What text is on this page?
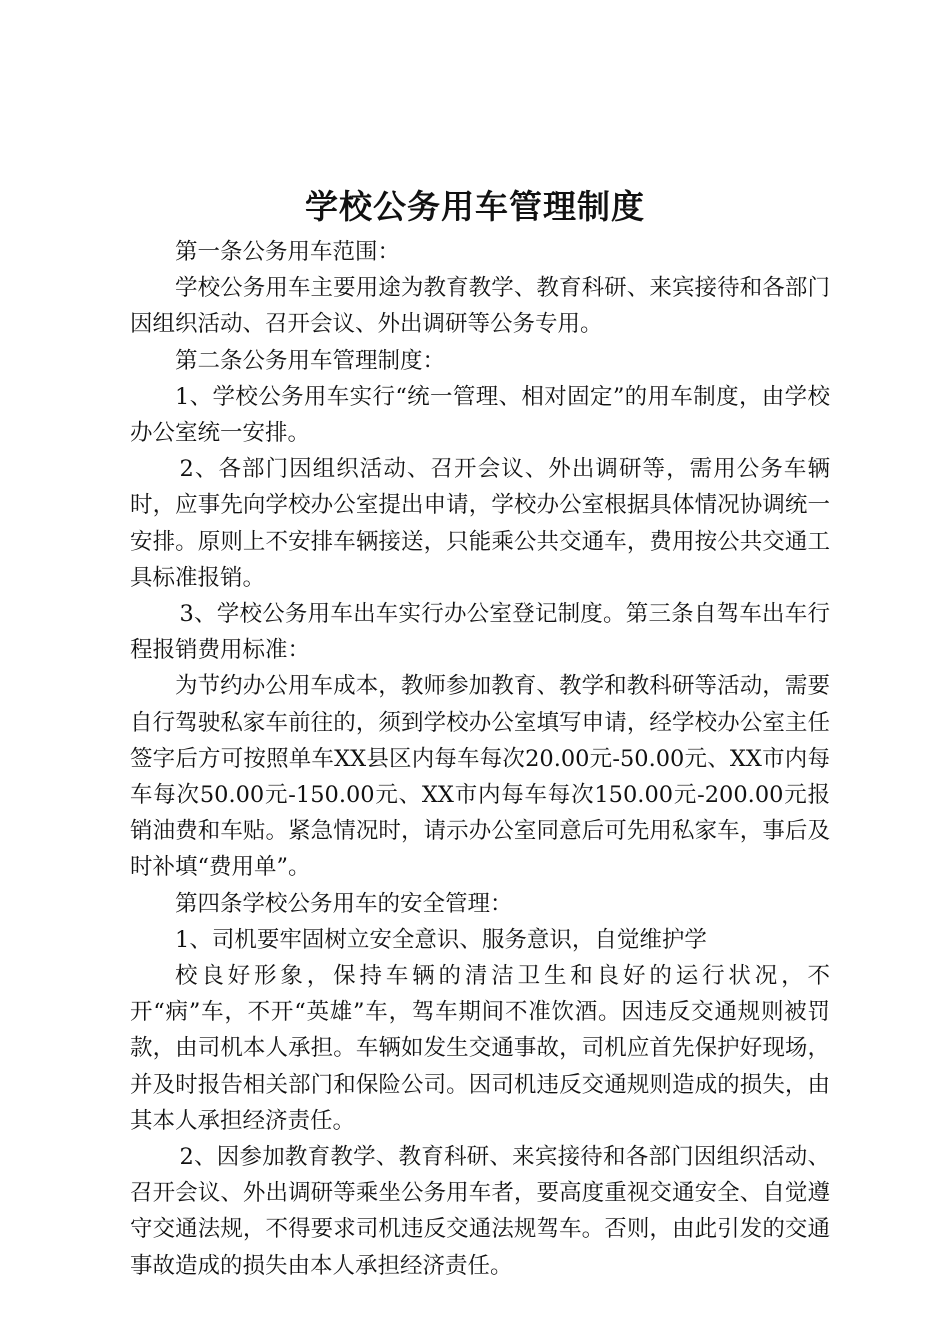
学校公务用车管理制度

第一条公务用车范围：

学校公务用车主要用途为教育教学、教育科研、来宾接待和各部门因组织活动、召开会议、外出调研等公务专用。

第二条公务用车管理制度：

1、学校公务用车实行“统一管理、相对固定”的用车制度，由学校办公室统一安排。

2、各部门因组织活动、召开会议、外出调研等，需用公务车辆时，应事先向学校办公室提出申请，学校办公室根据具体情况协调统一安排。原则上不安排车辆接送，只能乘公共交通车，费用按公共交通工具标准报销。

3、学校公务用车出车实行办公室登记制度。第三条自驾车出车行程报销费用标准：

为节约办公用车成本，教师参加教育、教学和教科研等活动，需要自行驾驶私家车前往的，须到学校办公室填写申请，经学校办公室主任签字后方可按照单车XX县区内每车每次20.00元-50.00元、XX市内每车每次50.00元-150.00元、XX市内每车每次150.00元-200.00元报销油费和车贴。紧急情况时，请示办公室同意后可先用私家车，事后及时补填“费用单”。

第四条学校公务用车的安全管理：

1、司机要牢固树立安全意识、服务意识，自觉维护学

校良好形象，保持车辆的清洁卫生和良好的运行状况，不开“病”车，不开“英雄”车，驾车期间不准饮酒。因违反交通规则被罚款，由司机本人承担。车辆如发生交通事故，司机应首先保护好现场，并及时报告相关部门和保险公司。因司机违反交通规则造成的损失，由其本人承担经济责任。

2、因参加教育教学、教育科研、来宾接待和各部门因组织活动、召开会议、外出调研等乘坐公务用车者，要高度重视交通安全、自觉遵守交通法规，不得要求司机违反交通法规驾车。否则，由此引发的交通事故造成的损失由本人承担经济责任。
